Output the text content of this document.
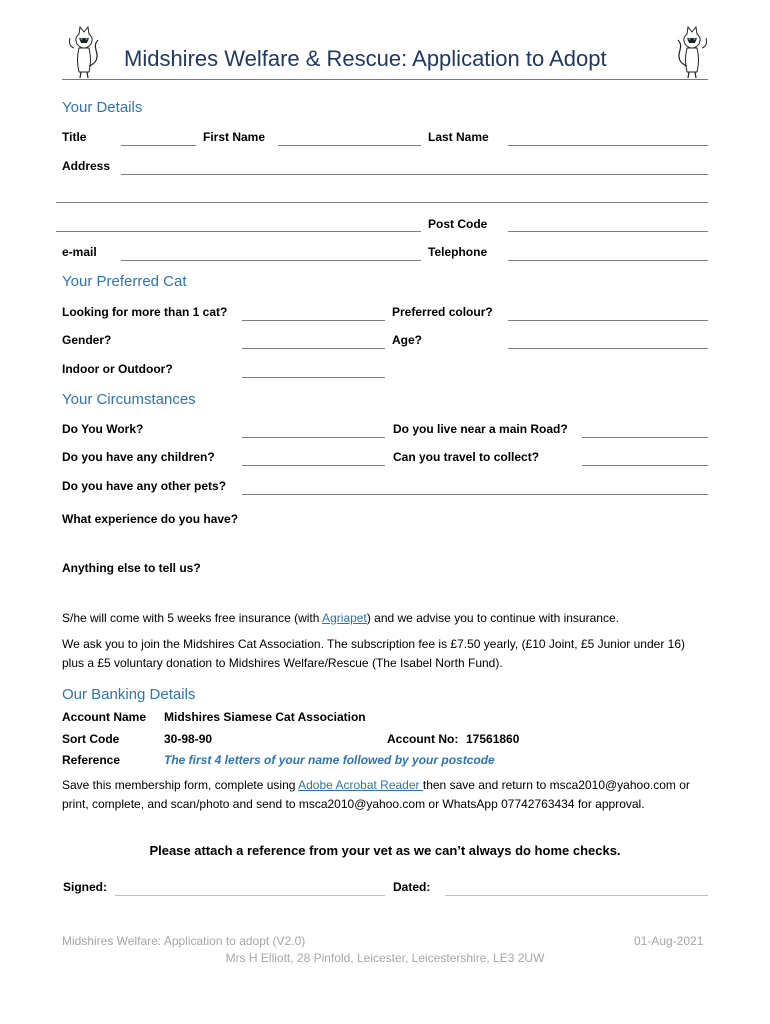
Midshires Welfare & Rescue: Application to Adopt
Your Details
Title	First Name	Last Name
Address
Post Code
e-mail	Telephone
Your Preferred Cat
Looking for more than 1 cat?	Preferred colour?
Gender?	Age?
Indoor or Outdoor?
Your Circumstances
Do You Work?	Do you live near a main Road?
Do you have any children?	Can you travel to collect?
Do you have any other pets?
What experience do you have?
Anything else to tell us?
S/he will come with 5 weeks free insurance (with Agriapet) and we advise you to continue with insurance.
We ask you to join the Midshires Cat Association. The subscription fee is £7.50 yearly, (£10 Joint, £5 Junior under 16) plus a £5 voluntary donation to Midshires Welfare/Rescue (The Isabel North Fund).
Our Banking Details
Account Name Midshires Siamese Cat Association
Sort Code	30-98-90	Account No: 17561860
Reference	The first 4 letters of your name followed by your postcode
Save this membership form, complete using Adobe Acrobat Reader then save and return to msca2010@yahoo.com or print, complete, and scan/photo and send to msca2010@yahoo.com or WhatsApp 07742763434 for approval.
Please attach a reference from your vet as we can’t always do home checks.
Signed:	Dated:
Midshires Welfare: Application to adopt (V2.0)	01-Aug-2021
Mrs H Elliott, 28 Pinfold, Leicester, Leicestershire, LE3 2UW
